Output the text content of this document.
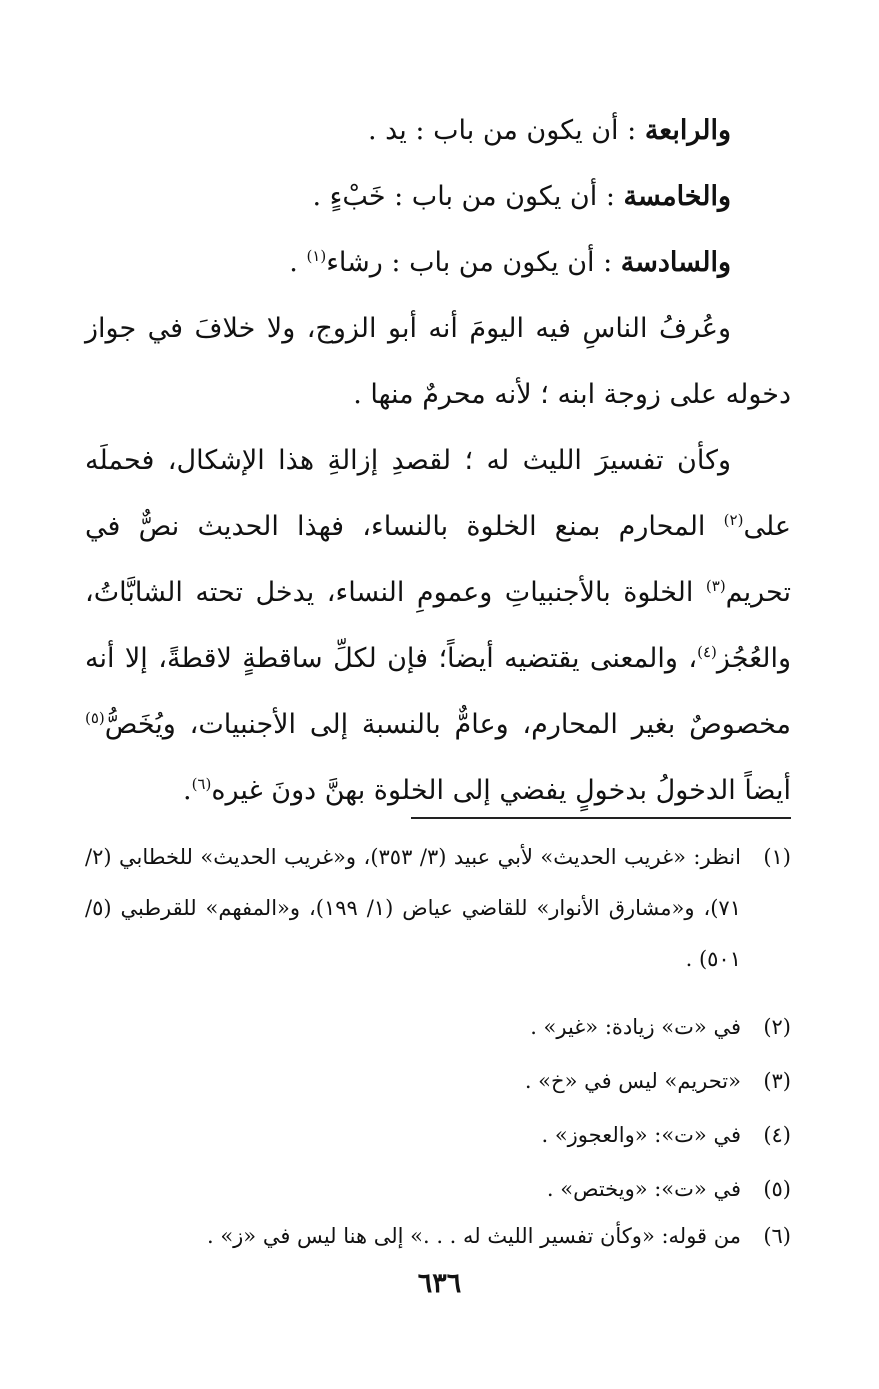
والرابعة : أن يكون من باب : يد .

والخامسة : أن يكون من باب : خَبْءٍ .

والسادسة : أن يكون من باب : رشاء$^{(١)}$ .

وعُرفُ الناسِ فيه اليومَ أنه أبو الزوج، ولا خلافَ في جواز دخوله على زوجة ابنه ؛ لأنه محرمٌ منها .

وكأن تفسيرَ الليث له ؛ لقصدِ إزالةِ هذا الإشكال، فحملَه على$^{(٢)}$ المحارم بمنع الخلوة بالنساء، فهذا الحديث نصٌّ في تحريم$^{(٣)}$ الخلوة بالأجنبياتِ وعمومِ النساء، يدخل تحته الشابَّاتُ، والعُجُز$^{(٤)}$، والمعنى يقتضيه أيضاً؛ فإن لكلِّ ساقطةٍ لاقطةً، إلا أنه مخصوصٌ بغير المحارم، وعامٌّ بالنسبة إلى الأجنبيات، ويُخَصُّ$^{(٥)}$ أيضاً الدخولُ بدخولٍ يفضي إلى الخلوة بهنَّ دونَ غيره$^{(٦)}$.

(١)
انظر: «غريب الحديث» لأبي عبيد (٣/ ٣٥٣)، و«غريب الحديث» للخطابي (٢/ ٧١)، و«مشارق الأنوار» للقاضي عياض (١/ ١٩٩)، و«المفهم» للقرطبي (٥/ ٥٠١) .
(٢)
في «ت» زيادة: «غير» .
(٣)
«تحريم» ليس في «خ» .
(٤)
في «ت»: «والعجوز» .
(٥)
في «ت»: «ويختص» .
(٦)
من قوله: «وكأن تفسير الليث له . . .» إلى هنا ليس في «ز» .
٦٣٦
